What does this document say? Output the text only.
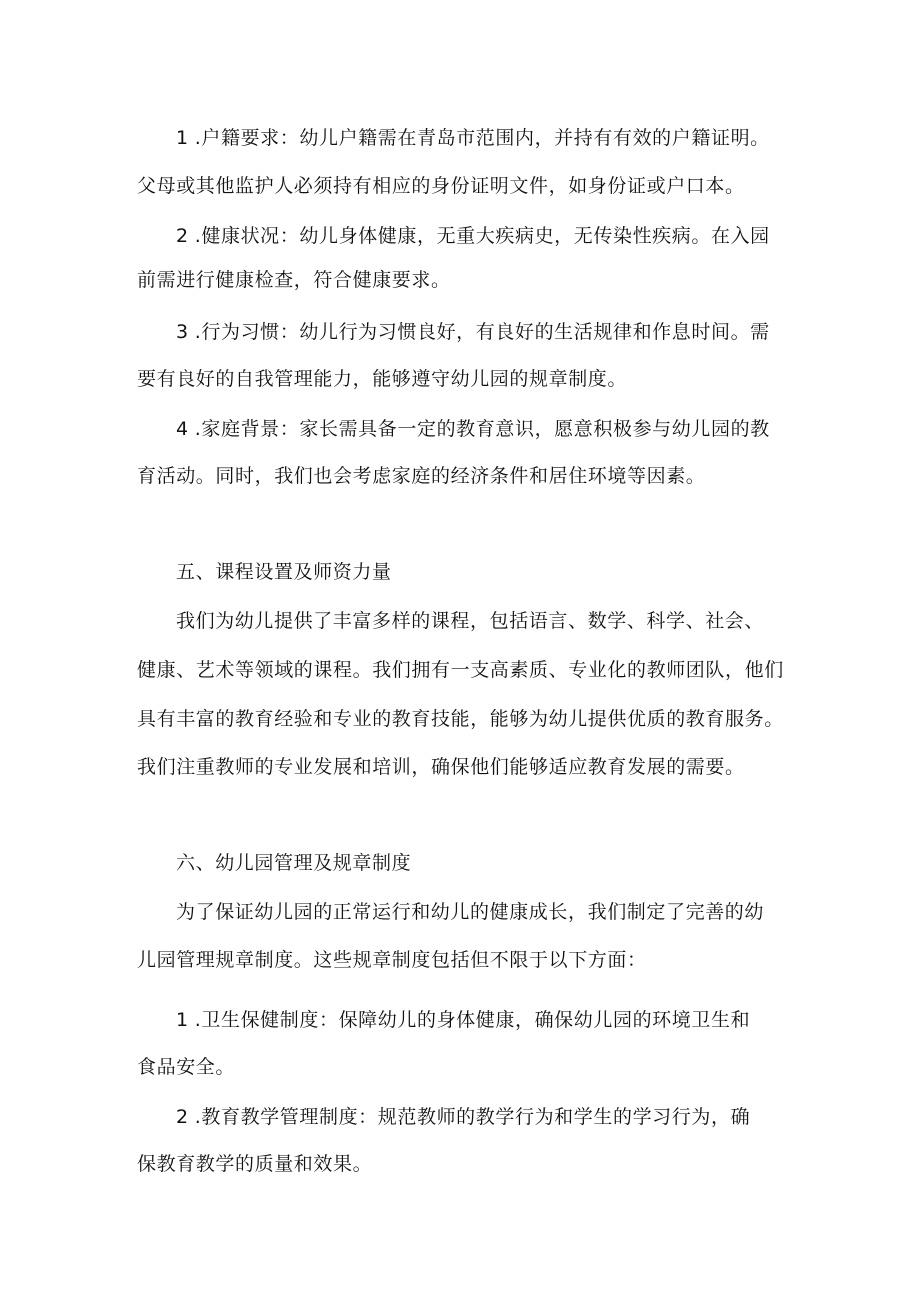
1 .户籍要求：幼儿户籍需在青岛市范围内，并持有有效的户籍证明。
父母或其他监护人必须持有相应的身份证明文件，如身份证或户口本。
2 .健康状况：幼儿身体健康，无重大疾病史，无传染性疾病。在入园
前需进行健康检查，符合健康要求。
3 .行为习惯：幼儿行为习惯良好，有良好的生活规律和作息时间。需
要有良好的自我管理能力，能够遵守幼儿园的规章制度。
4 .家庭背景：家长需具备一定的教育意识，愿意积极参与幼儿园的教
育活动。同时，我们也会考虑家庭的经济条件和居住环境等因素。
五、课程设置及师资力量
我们为幼儿提供了丰富多样的课程，包括语言、数学、科学、社会、
健康、艺术等领域的课程。我们拥有一支高素质、专业化的教师团队，他们
具有丰富的教育经验和专业的教育技能，能够为幼儿提供优质的教育服务。
我们注重教师的专业发展和培训，确保他们能够适应教育发展的需要。
六、幼儿园管理及规章制度
为了保证幼儿园的正常运行和幼儿的健康成长，我们制定了完善的幼
儿园管理规章制度。这些规章制度包括但不限于以下方面：
1 .卫生保健制度：保障幼儿的身体健康，确保幼儿园的环境卫生和
食品安全。
2 .教育教学管理制度：规范教师的教学行为和学生的学习行为，确
保教育教学的质量和效果。
